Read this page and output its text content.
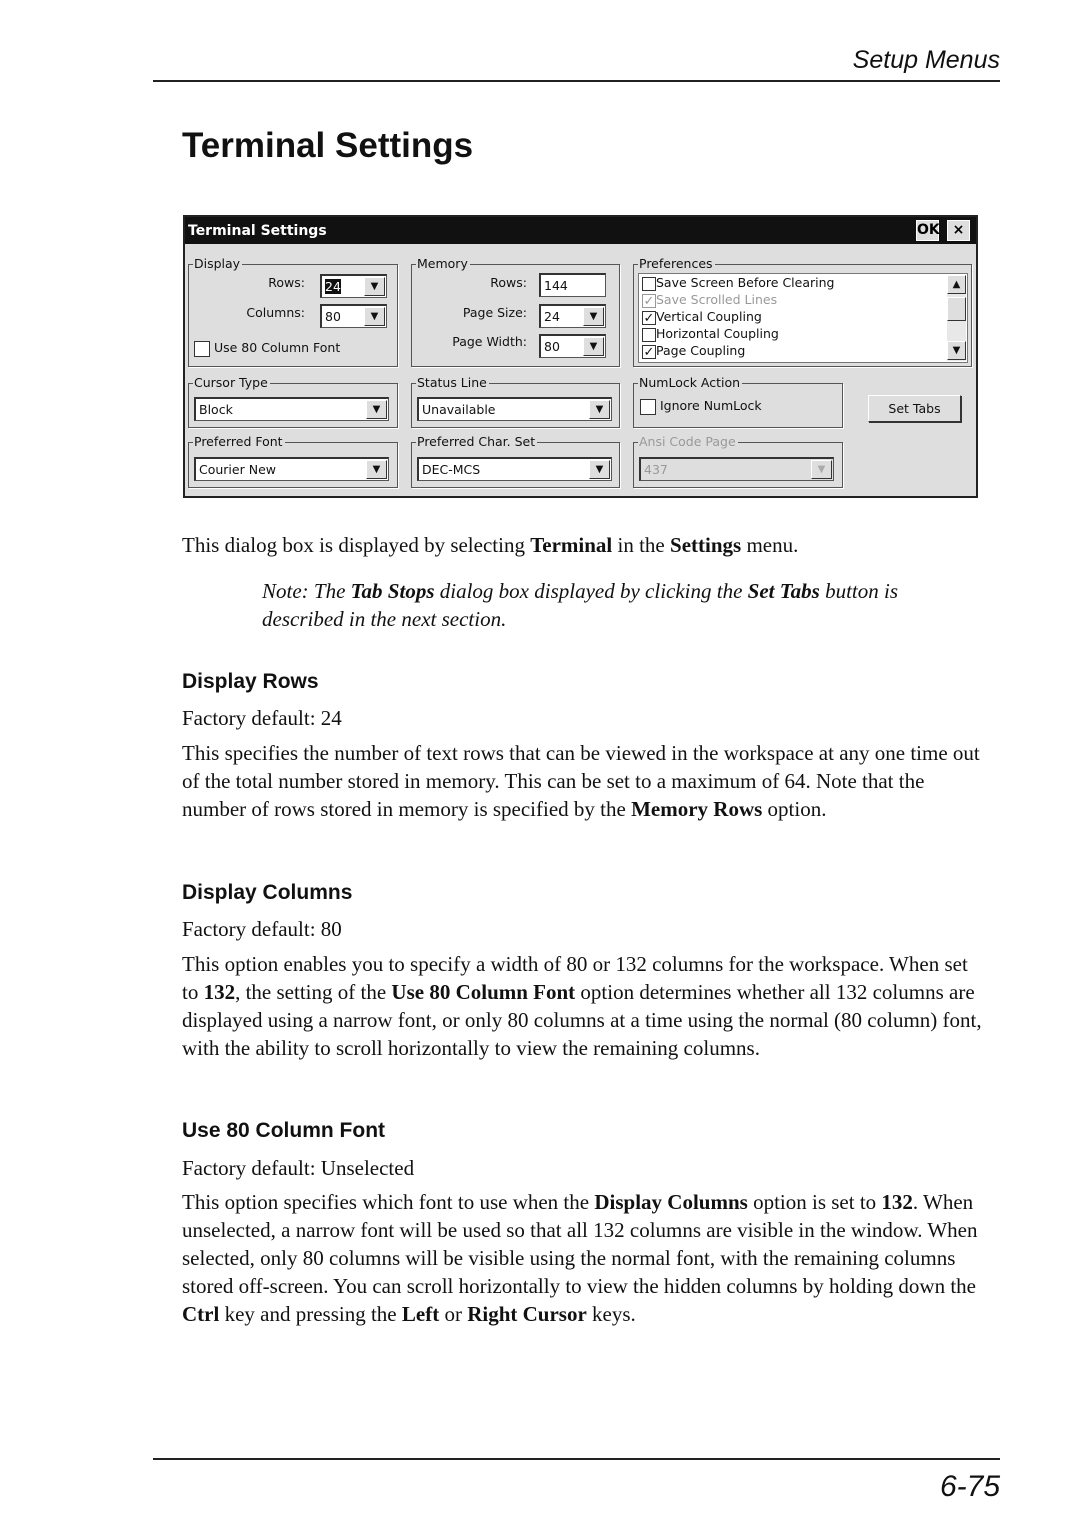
Setup Menus
Terminal Settings
Terminal Settings	OK ×
Display
Rows:	24	▼
Columns:	80	▼
Use 80 Column Font
Memory
Rows:	144
Page Size:	24	▼
Page Width:	80	▼
Preferences
Save Screen Before Clearing
✓ Save Scrolled Lines
✓ Vertical Coupling
Horizontal Coupling
✓ Page Coupling
▲
▼
Cursor Type
Block	▼
Status Line
Unavailable	▼
NumLock Action
Ignore NumLock	Set Tabs
Preferred Font
Courier New	▼
Preferred Char. Set
DEC-MCS	▼
Ansi Code Page
437	▼
This dialog box is displayed by selecting Terminal in the Settings menu.
Note: The Tab Stops dialog box displayed by clicking the Set Tabs button is described in the next section.
Display Rows
Factory default: 24
This specifies the number of text rows that can be viewed in the workspace at any one time out of the total number stored in memory. This can be set to a maximum of 64. Note that the number of rows stored in memory is specified by the Memory Rows option.
Display Columns
Factory default: 80
This option enables you to specify a width of 80 or 132 columns for the workspace. When set to 132, the setting of the Use 80 Column Font option determines whether all 132 columns are displayed using a narrow font, or only 80 columns at a time using the normal (80 column) font, with the ability to scroll horizontally to view the remaining columns.
Use 80 Column Font
Factory default: Unselected
This option specifies which font to use when the Display Columns option is set to 132. When unselected, a narrow font will be used so that all 132 columns are visible in the window. When selected, only 80 columns will be visible using the normal font, with the remaining columns stored off-screen. You can scroll horizontally to view the hidden columns by holding down the Ctrl key and pressing the Left or Right Cursor keys.
6-75
